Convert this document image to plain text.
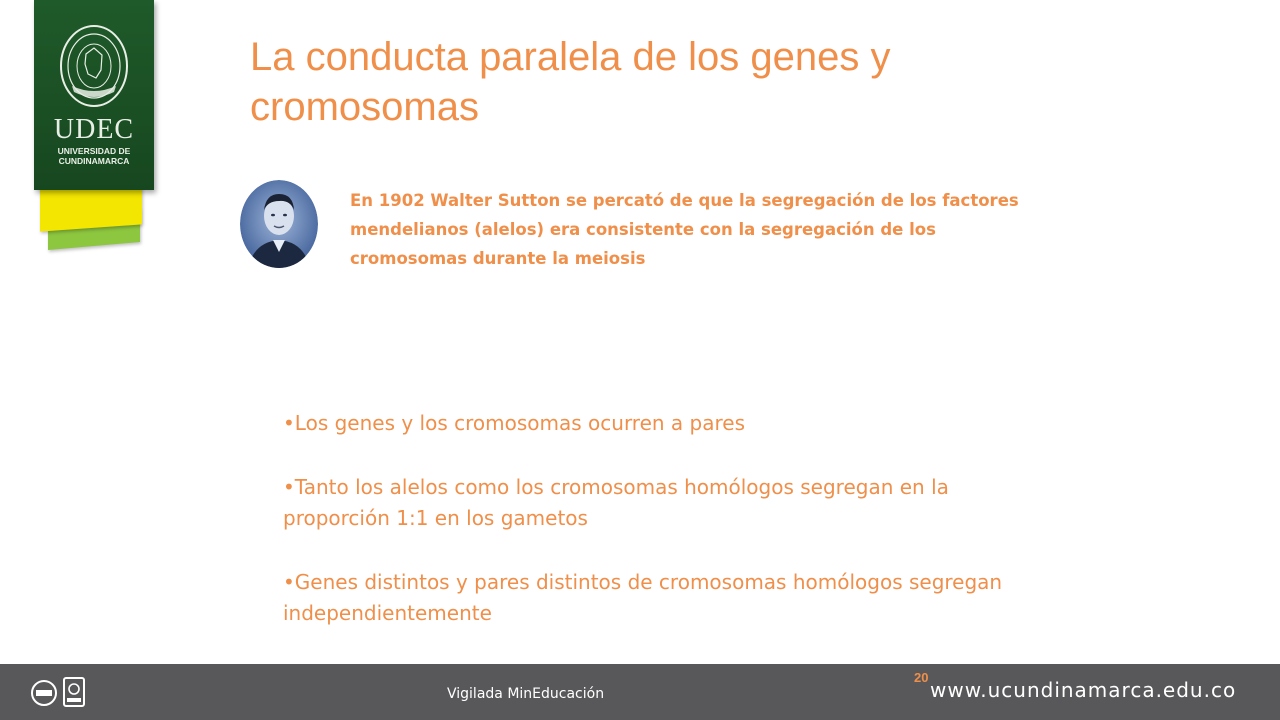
UDEC
UNIVERSIDAD DE
CUNDINAMARCA
La conducta paralela de los genes y cromosomas
En 1902 Walter Sutton se percató de que la segregación de los factores mendelianos (alelos) era consistente con la segregación de los cromosomas durante la meiosis
•Los genes y los cromosomas ocurren a pares
•Tanto los alelos como los cromosomas homólogos segregan en la proporción 1:1 en los gametos
•Genes distintos y pares distintos de cromosomas homólogos segregan independientemente
Vigilada MinEducación
20
www.ucundinamarca.edu.co
